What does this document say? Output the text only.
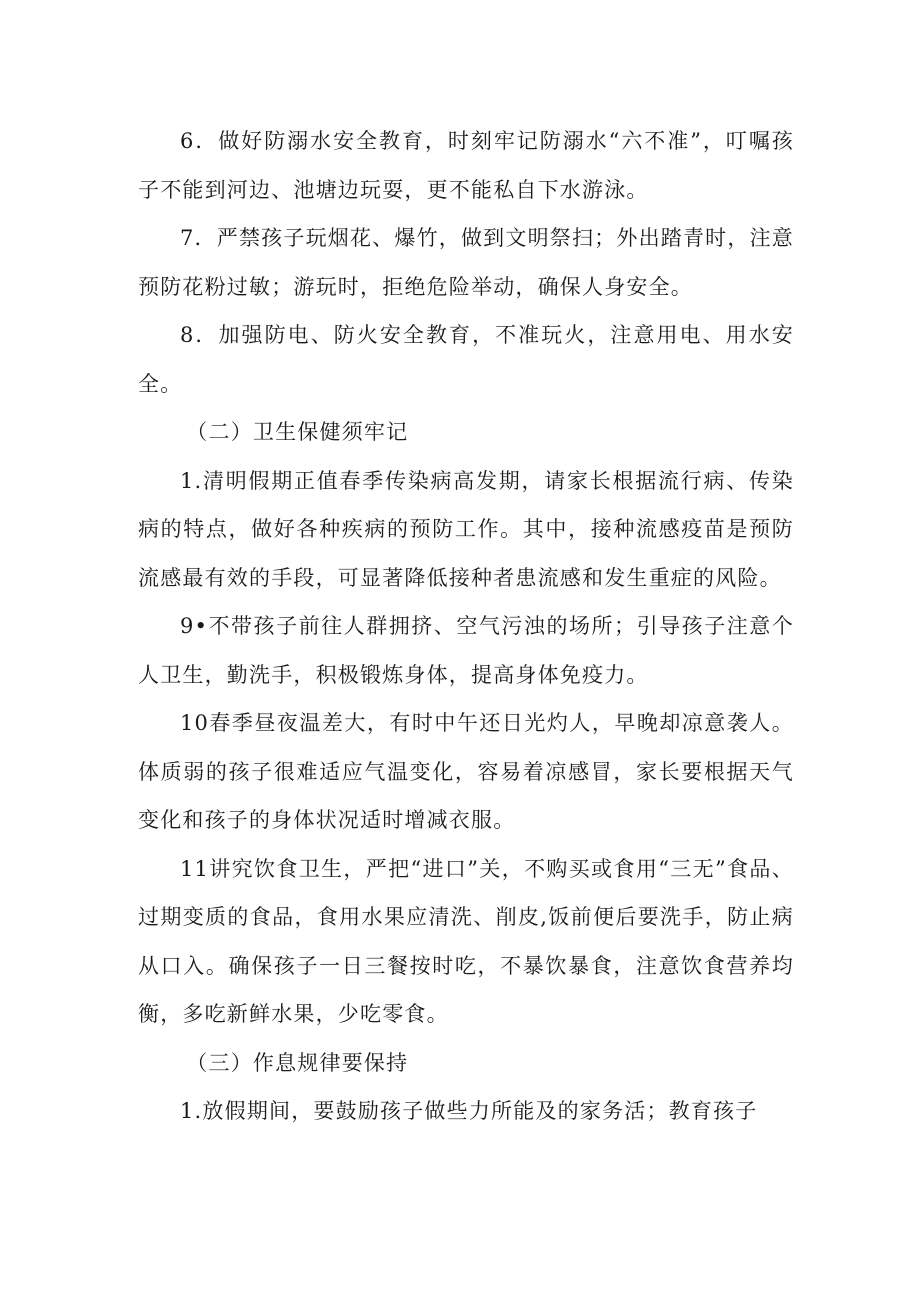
6．做好防溺水安全教育，时刻牢记防溺水“六不准”，叮嘱孩子不能到河边、池塘边玩耍，更不能私自下水游泳。

7．严禁孩子玩烟花、爆竹，做到文明祭扫；外出踏青时，注意预防花粉过敏；游玩时，拒绝危险举动，确保人身安全。

8．加强防电、防火安全教育，不准玩火，注意用电、用水安全。

（二）卫生保健须牢记

1.清明假期正值春季传染病高发期，请家长根据流行病、传染病的特点，做好各种疾病的预防工作。其中，接种流感疫苗是预防流感最有效的手段，可显著降低接种者患流感和发生重症的风险。

9•不带孩子前往人群拥挤、空气污浊的场所；引导孩子注意个人卫生，勤洗手，积极锻炼身体，提高身体免疫力。

10春季昼夜温差大，有时中午还日光灼人，早晚却凉意袭人。体质弱的孩子很难适应气温变化，容易着凉感冒，家长要根据天气变化和孩子的身体状况适时增减衣服。

11讲究饮食卫生，严把“进口”关，不购买或食用“三无”食品、过期变质的食品，食用水果应清洗、削皮,饭前便后要洗手，防止病从口入。确保孩子一日三餐按时吃，不暴饮暴食，注意饮食营养均衡，多吃新鲜水果，少吃零食。

（三）作息规律要保持

1.放假期间，要鼓励孩子做些力所能及的家务活；教育孩子
